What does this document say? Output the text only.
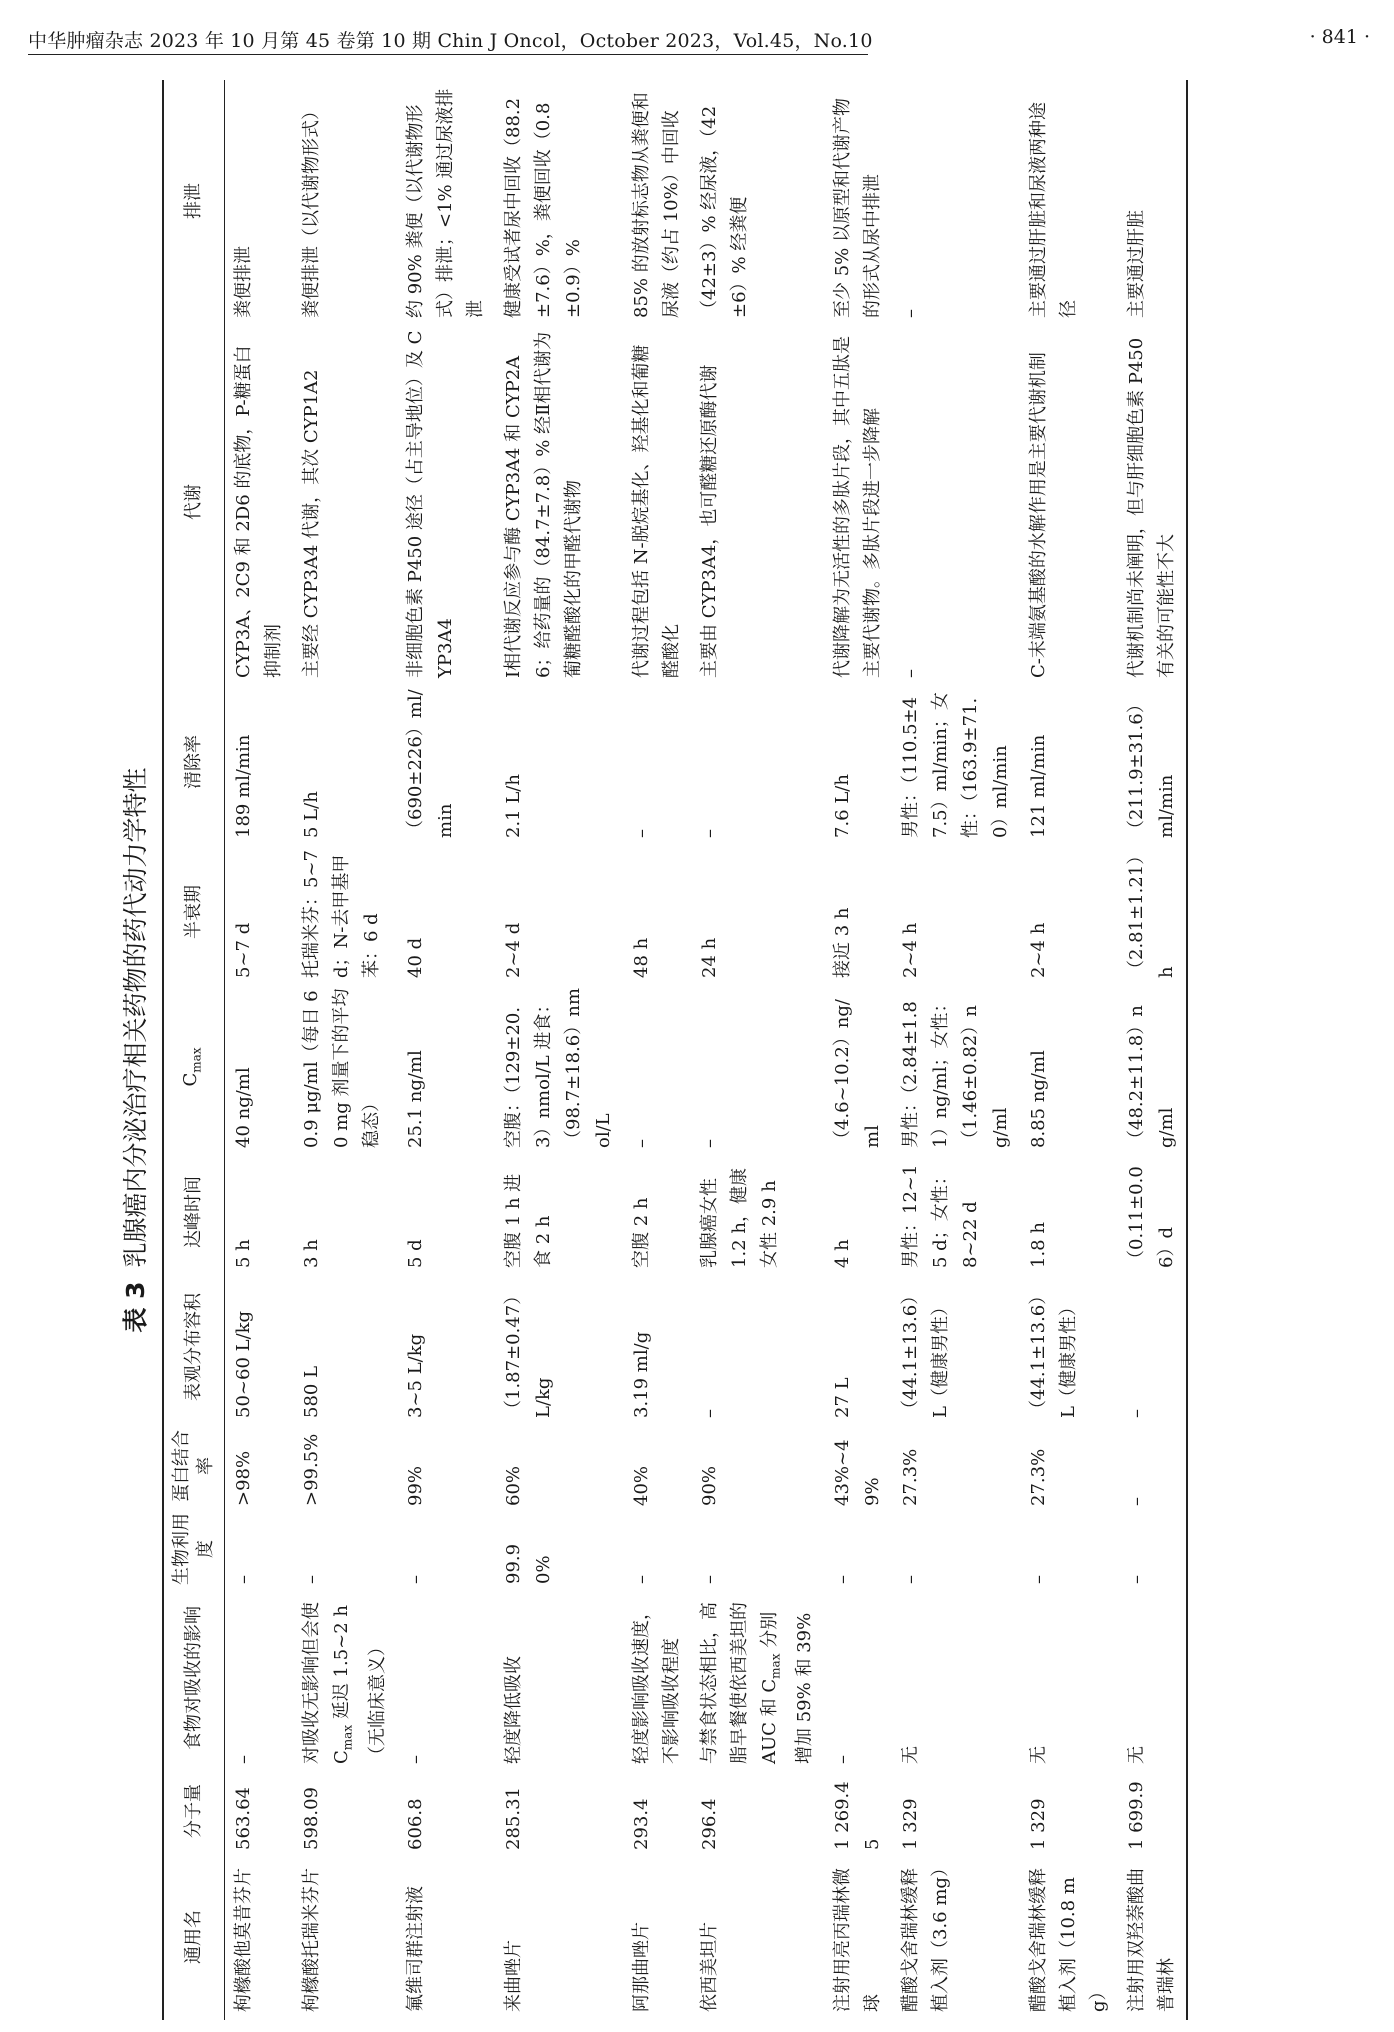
中华肿瘤杂志 2023 年 10 月第 45 卷第 10 期 Chin J Oncol，October 2023，Vol.45，No.10	· 841 ·
表 3乳腺癌内分泌治疗相关药物的药代动力学特性
通用名	分子量	食物对吸收的影响	生物利用度	蛋白结合率	表观分布容积	达峰时间	$C_{max}$	半衰期	清除率	代谢	排泄
枸橼酸他莫昔芬片	563.64	–	–	>98%	50~60 L/kg	5 h	40 ng/ml	5~7 d	189 ml/min	CYP3A、2C9 和 2D6 的底物，P-糖蛋白抑制剂	粪便排泄
枸橼酸托瑞米芬片	598.09	对吸收无影响但会使 $C_{max}$ 延迟 1.5~2 h（无临床意义）	–	>99.5%	580 L	3 h	0.9 μg/ml（每日 60 mg 剂量下的平均稳态）	托瑞米芬：5~7 d；N-去甲基甲苯：6 d	5 L/h	主要经 CYP3A4 代谢，其次 CYP1A2	粪便排泄（以代谢物形式）
氟维司群注射液	606.8	–	–	99%	3~5 L/kg	5 d	25.1 ng/ml	40 d	（690±226）ml/min	非细胞色素 P450 途径（占主导地位）及 CYP3A4	约 90% 粪便（以代谢物形式）排泄；<1% 通过尿液排泄
来曲唑片	285.31	轻度降低吸收	99.90%	60%	（1.87±0.47）L/kg	空腹 1 h 进食 2 h	空腹：（129±20.3）nmol/L 进食：（98.7±18.6）nmol/L	2~4 d	2.1 L/h	Ⅰ相代谢反应参与酶 CYP3A4 和 CYP2A6；给药量的（84.7±7.8）% 经Ⅱ相代谢为葡糖醛酸化的甲醛代谢物	健康受试者尿中回收（88.2±7.6）%，粪便回收（0.8±0.9）%
阿那曲唑片	293.4	轻度影响吸收速度，不影响吸收程度	–	40%	3.19 ml/g	空腹 2 h	–	48 h	–	代谢过程包括 N-脱烷基化、羟基化和葡糖醛酸化	85% 的放射标志物从粪便和尿液（约占 10%）中回收
依西美坦片	296.4	与禁食状态相比，高脂早餐使依西美坦的 AUC 和 $C_{max}$ 分别增加 59% 和 39%	–	90%	–	乳腺癌女性 1.2 h，健康女性 2.9 h	–	24 h	–	主要由 CYP3A4，也可醛糖还原酶代谢	（42±3）% 经尿液，（42±6）% 经粪便
注射用亮丙瑞林微球	1 269.45	–	–	43%~49%	27 L	4 h	（4.6~10.2）ng/ml	接近 3 h	7.6 L/h	代谢降解为无活性的多肽片段，其中五肽是主要代谢物。多肽片段进一步降解	至少 5% 以原型和代谢产物的形式从尿中排泄
醋酸戈舍瑞林缓释植入剂（3.6 mg）	1 329	无	–	27.3%	（44.1±13.6）L（健康男性）	男性：12~15 d；女性：8~22 d	男性：（2.84±1.81）ng/ml；女性：（1.46±0.82）ng/ml	2~4 h	男性：（110.5±47.5）ml/min；女性：（163.9±71.0）ml/min	–	–
醋酸戈舍瑞林缓释植入剂（10.8 mg）	1 329	无	–	27.3%	（44.1±13.6）L（健康男性）	1.8 h	8.85 ng/ml	2~4 h	121 ml/min	C-末端氨基酸的水解作用是主要代谢机制	主要通过肝脏和尿液两种途径
注射用双羟萘酸曲普瑞林	1 699.9	无	–	–	–	（0.11±0.06）d	（48.2±11.8）ng/ml	（2.81±1.21）h	（211.9±31.6）ml/min	代谢机制尚未阐明，但与肝细胞色素 P450 有关的可能性不大	主要通过肝脏
